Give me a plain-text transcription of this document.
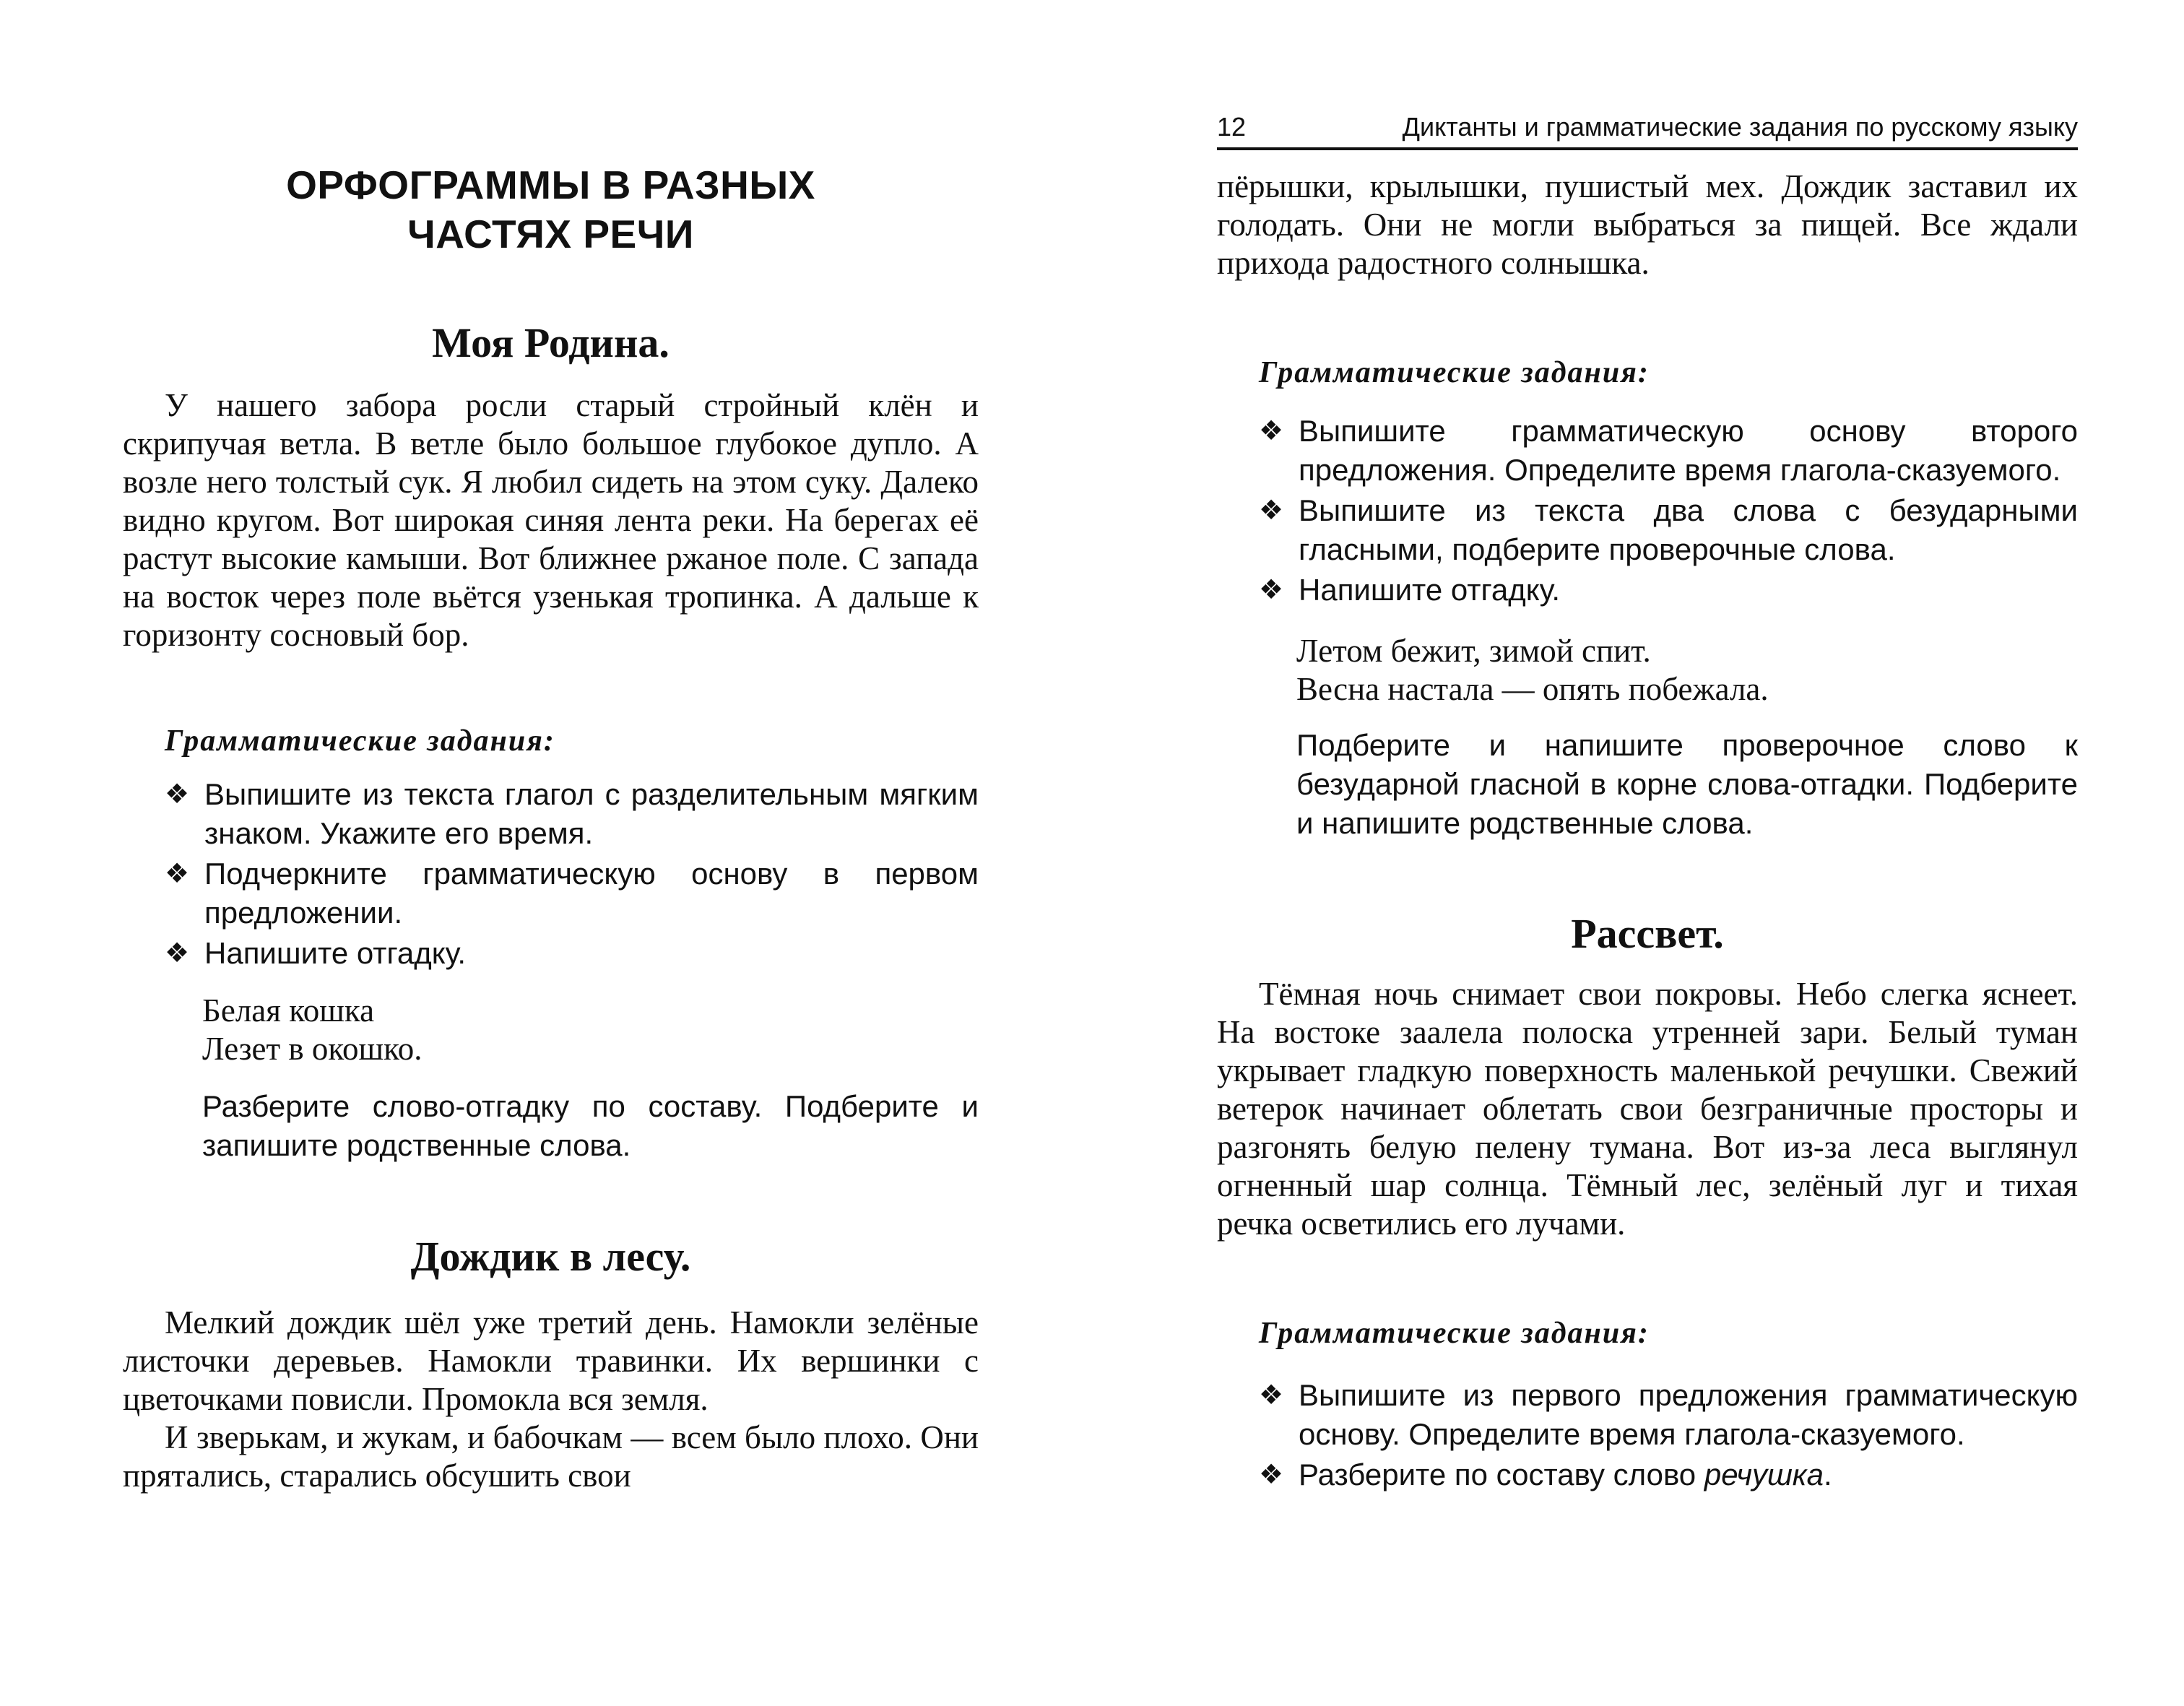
ОРФОГРАММЫ В РАЗНЫХ ЧАСТЯХ РЕЧИ
Моя Родина.

У нашего забора росли старый стройный клён и скрипучая ветла. В ветле было большое глубокое дупло. А возле него толстый сук. Я любил сидеть на этом суку. Далеко видно кругом. Вот широкая синяя лента реки. На берегах её растут высокие камыши. Вот ближнее ржаное поле. С запада на восток через поле вьётся узенькая тропинка. А дальше к горизонту сосновый бор.

Грамматические задания:
❖ Выпишите из текста глагол с разделительным мягким знаком. Укажите его время.
❖ Подчеркните грамматическую основу в первом предложении.
❖ Напишите отгадку.
Белая кошка
Лезет в окошко.
Разберите слово-отгадку по составу. Подберите и запишите родственные слова.
Дождик в лесу.

Мелкий дождик шёл уже третий день. Намокли зелёные листочки деревьев. Намокли травинки. Их вершинки с цветочками повисли. Промокла вся земля.

И зверькам, и жукам, и бабочкам — всем было плохо. Они прятались, старались обсушить свои

12	Диктанты и грамматические задания по русскому языку

пёрышки, крылышки, пушистый мех. Дождик заставил их голодать. Они не могли выбраться за пищей. Все ждали прихода радостного солнышка.

Грамматические задания:
❖ Выпишите грамматическую основу второго предложения. Определите время глагола-сказуемого.
❖ Выпишите из текста два слова с безударными гласными, подберите проверочные слова.
❖ Напишите отгадку.
Летом бежит, зимой спит.
Весна настала — опять побежала.
Подберите и напишите проверочное слово к безударной гласной в корне слова-отгадки. Подберите и напишите родственные слова.
Рассвет.

Тёмная ночь снимает свои покровы. Небо слегка яснеет. На востоке заалела полоска утренней зари. Белый туман укрывает гладкую поверхность маленькой речушки. Свежий ветерок начинает облетать свои безграничные просторы и разгонять белую пелену тумана. Вот из-за леса выглянул огненный шар солнца. Тёмный лес, зелёный луг и тихая речка осветились его лучами.

Грамматические задания:
❖ Выпишите из первого предложения грамматическую основу. Определите время глагола-сказуемого.
❖ Разберите по составу слово речушка.
